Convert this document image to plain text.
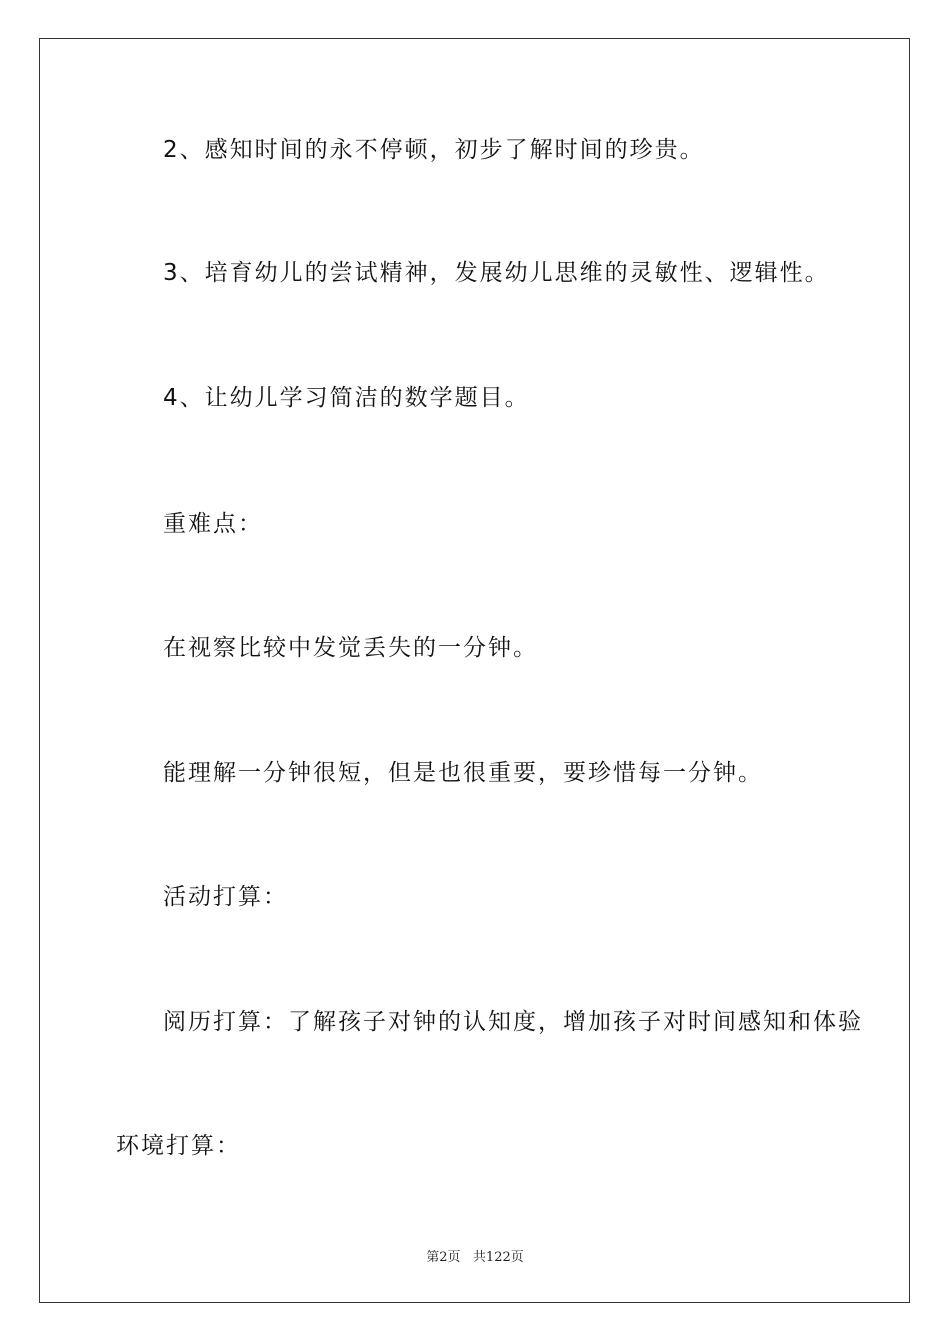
2、感知时间的永不停顿，初步了解时间的珍贵。

3、培育幼儿的尝试精神，发展幼儿思维的灵敏性、逻辑性。

4、让幼儿学习简洁的数学题目。

重难点：

在视察比较中发觉丢失的一分钟。

能理解一分钟很短，但是也很重要，要珍惜每一分钟。

活动打算：

阅历打算：了解孩子对钟的认知度，增加孩子对时间感知和体验

环境打算：

第2页   共122页
